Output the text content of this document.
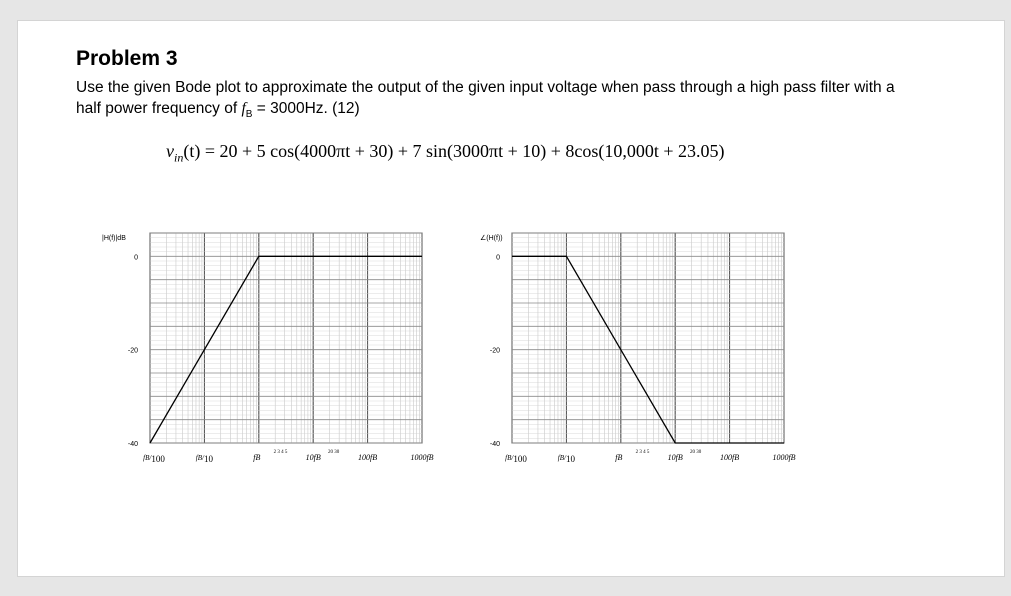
Problem 3
Use the given Bode plot to approximate the output of the given input voltage when pass through a high pass filter with a half power frequency of $f_B = 3000Hz$. (12)
$v_{in}(t) = 20 + 5$ cos(4000πt + 30) + 7 sin(3000πt + 10) + 8cos(10,000t + 23.05)
|H(f)|dB
0
-20
-40
fB/100	fB/10	fB	10fB	100fB	1000fB
2 3 4 5	20 30
∠(H(f))
0
-20
-40
fB/100	fB/10	fB	10fB	100fB	1000fB
2 3 4 5	20 30
